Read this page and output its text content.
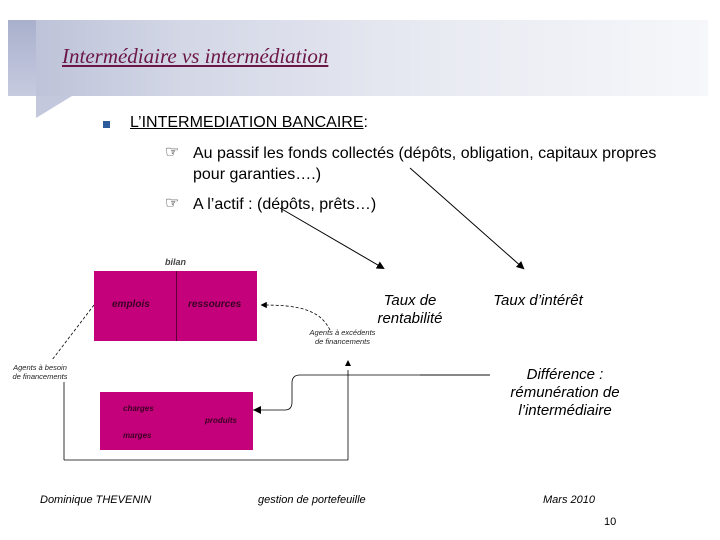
Intermédiaire vs intermédiation
L’INTERMEDIATION BANCAIRE:
☞ Au passif les fonds collectés (dépôts, obligation, capitaux propres pour garanties….)
☞ A l’actif : (dépôts, prêts…)
bilan
emplois	ressources
charges
produits
marges
Agents à besoin de financements
Agents à excédents de financements
Taux de rentabilité
Taux d’intérêt
Différence : rémunération de l’intermédiaire
Dominique THEVENIN	gestion de portefeuille	Mars 2010
10
